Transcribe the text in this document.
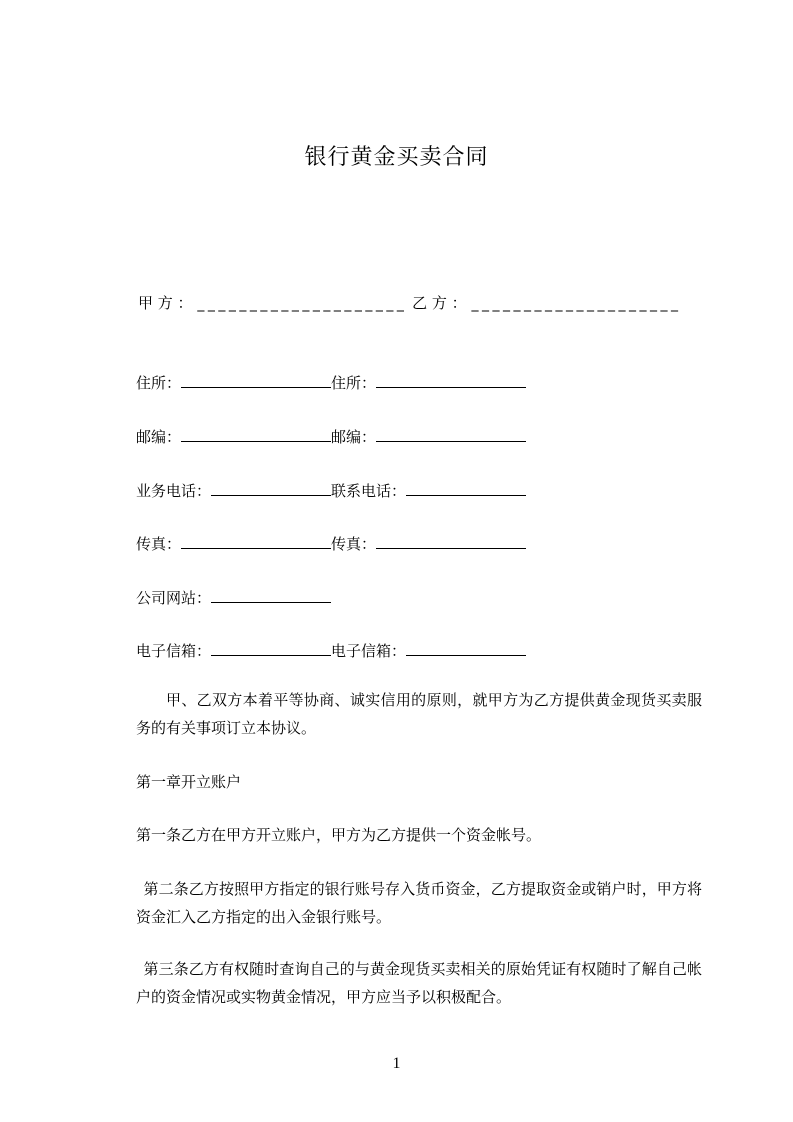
银行黄金买卖合同
甲 方 ： ____________________ 乙 方 ： ____________________
住所：	住所：
邮编：	邮编：
业务电话：	联系电话：
传真：	传真：
公司网站：
电子信箱：	电子信箱：
甲、乙双方本着平等协商、诚实信用的原则，就甲方为乙方提供黄金现货买卖服务的有关事项订立本协议。
第一章开立账户
第一条乙方在甲方开立账户，甲方为乙方提供一个资金帐号。
第二条乙方按照甲方指定的银行账号存入货币资金，乙方提取资金或销户时，甲方将资金汇入乙方指定的出入金银行账号。
第三条乙方有权随时查询自己的与黄金现货买卖相关的原始凭证有权随时了解自己帐户的资金情况或实物黄金情况，甲方应当予以积极配合。
1
